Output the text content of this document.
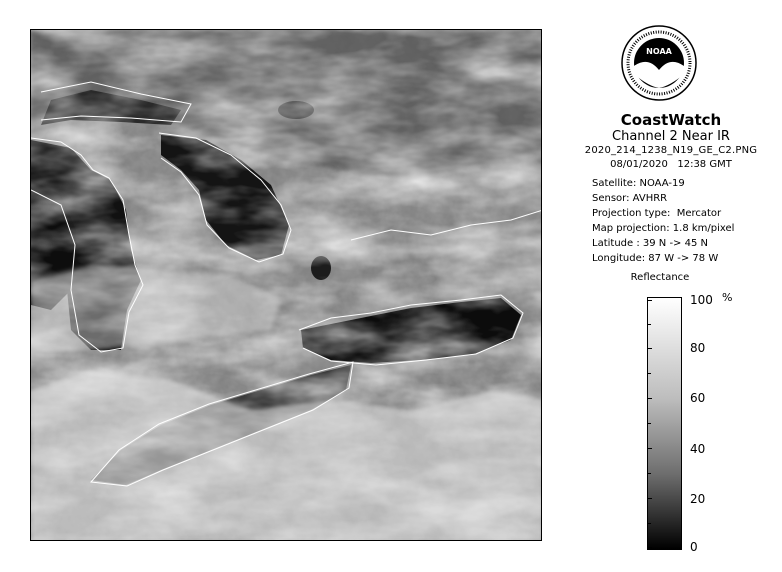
NOAA
CoastWatch
Channel 2 Near IR
2020_214_1238_N19_GE_C2.PNG
08/01/2020   12:38 GMT
Satellite: NOAA-19
Sensor: AVHRR
Projection type:  Mercator
Map projection: 1.8 km/pixel
Latitude : 39 N -> 45 N
Longitude: 87 W -> 78 W
Reflectance
100
80
60
40
20
0
%
